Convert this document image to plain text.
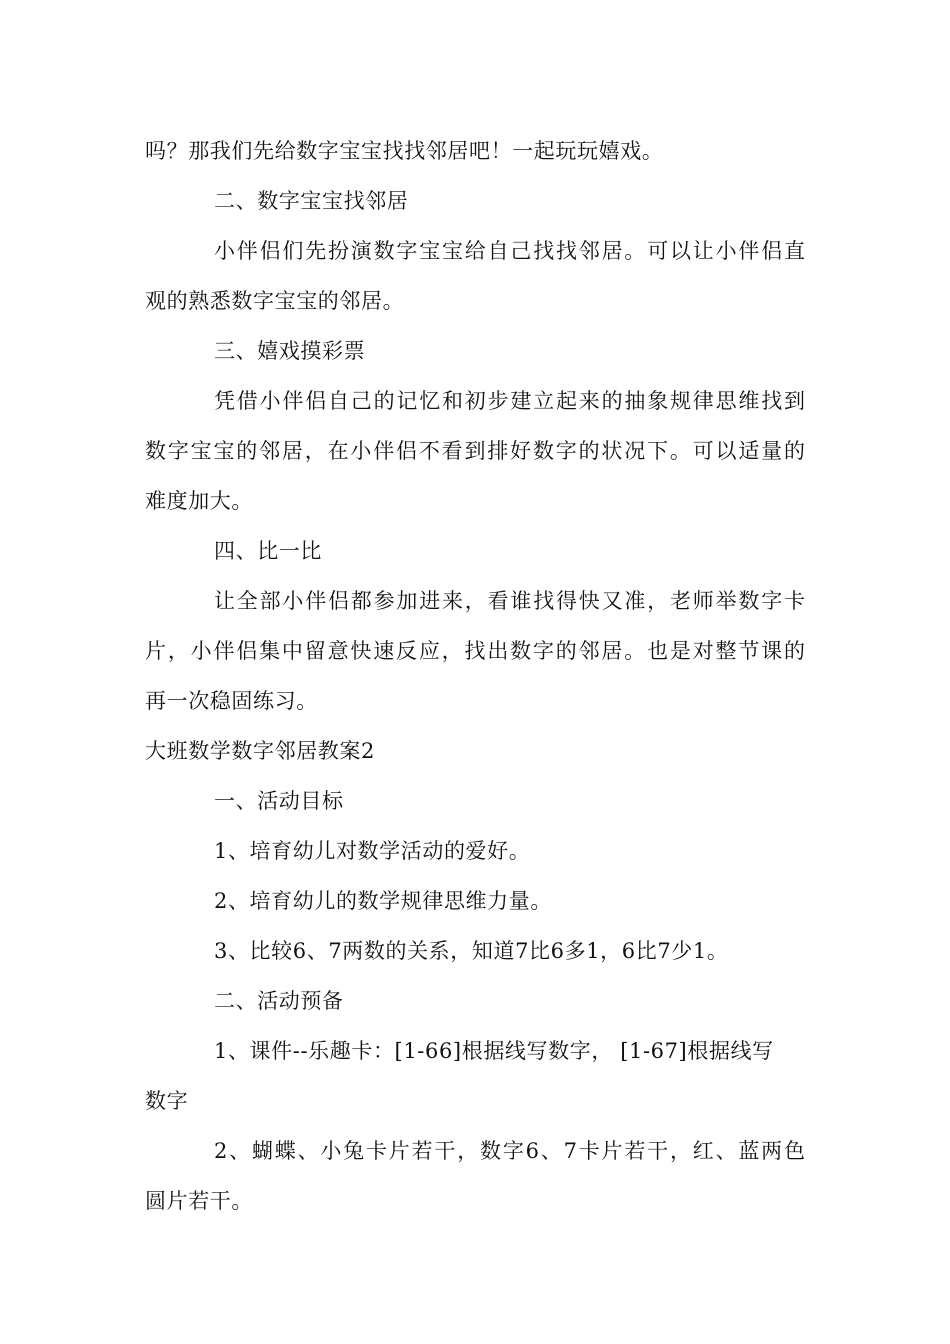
吗？那我们先给数字宝宝找找邻居吧！一起玩玩嬉戏。
二、数字宝宝找邻居
小伴侣们先扮演数字宝宝给自己找找邻居。可以让小伴侣直
观的熟悉数字宝宝的邻居。
三、嬉戏摸彩票
凭借小伴侣自己的记忆和初步建立起来的抽象规律思维找到
数字宝宝的邻居，在小伴侣不看到排好数字的状况下。可以适量的
难度加大。
四、比一比
让全部小伴侣都参加进来，看谁找得快又准，老师举数字卡
片，小伴侣集中留意快速反应，找出数字的邻居。也是对整节课的
再一次稳固练习。
大班数学数字邻居教案2
一、活动目标
1、培育幼儿对数学活动的爱好。
2、培育幼儿的数学规律思维力量。
3、比较6、7两数的关系，知道7比6多1，6比7少1。
二、活动预备
1、课件--乐趣卡：[1-66]根据线写数字， [1-67]根据线写
数字
2、蝴蝶、小兔卡片若干，数字6、7卡片若干，红、蓝两色
圆片若干。
